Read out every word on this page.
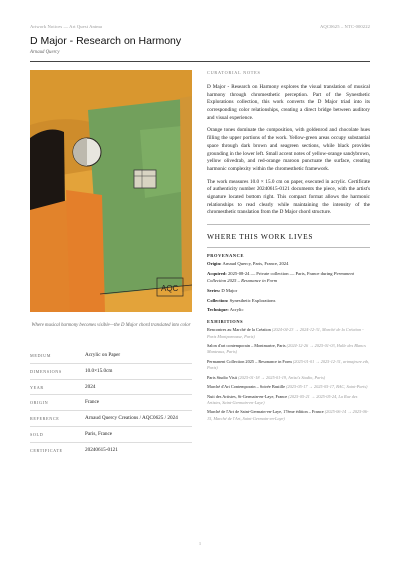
Artwork Notices — Art Quest Anima	AQC0625 – NTC-000222
D Major - Research on Harmony
Arnaud Quercy
AQC
Where musical harmony becomes visible—the D Major chord translated into color
MEDIUM	Acrylic on Paper
DIMENSIONS	10.0×15.0cm
YEAR	2024
ORIGIN	France
REFERENCE	Arnaud Quercy Creations / AQC0625 / 2024
SOLD	Paris, France
CERTIFICATE	20240615-0121
CURATORIAL NOTES

D Major - Research on Harmony explores the visual translation of musical harmony through chromesthetic perception. Part of the Synesthetic Explorations collection, this work converts the D Major triad into its corresponding color relationships, creating a direct bridge between auditory and visual experience.

Orange tones dominate the composition, with goldenrod and chocolate hues filling the upper portions of the work. Yellow-green areas occupy substantial space through dark brown and seagreen sections, while black provides grounding in the lower left. Small accent notes of yellow-orange sandybrown, yellow olivedrab, and red-orange maroon punctuate the surface, creating harmonic complexity within the chromesthetic framework.

The work measures 10.0 × 15.0 cm on paper, executed in acrylic. Certificate of authenticity number 20240615-0121 documents the piece, with the artist's signature located bottom right. This compact format allows the harmonic relationships to read clearly while maintaining the intensity of the chromesthetic translation from the D Major chord structure.

WHERE THIS WORK LIVES
PROVENANCE
Origin: Arnaud Quercy, Paris, France, 2024
Acquired: 2025-08-24 — Private collection — Paris, France during Permanent Collection 2025 – Resonance in Form
Series: D Major
Collection: Synesthetic Explorations
Technique: Acrylic
EXHIBITIONS
Rencontres au Marché de la Création (2024-04-23 → 2024-12-31, Marché de la Création - Paris Montparnasse, Paris)
Salon d'art contemporain – Montmartre, Paris (2024-12-26 → 2025-01-03, Halle des Blancs Manteaux, Paris)
Permanent Collection 2025 – Resonance in Form (2025-01-01 → 2025-12-31, artmajeure.eth, Paris)
Paris Studio Visit (2025-01-18 → 2025-01-19, Artist's Studio, Paris)
Marché d'Art Contemporain – Soirée Bastille (2025-05-17 → 2025-05-17, BAC, Saint-Paris)
Nuit des Artistes, St-Germain-en-Laye, France (2025-05-21 → 2025-05-24, La Rue des Artistes, Saint-Germain-en-Laye)
Marché de l'Art de Saint-Germain-en-Laye, 17ème édition – France (2025-06-14 → 2025-06-15, Marché de l'Art, Saint-Germain-en-Laye)
1
